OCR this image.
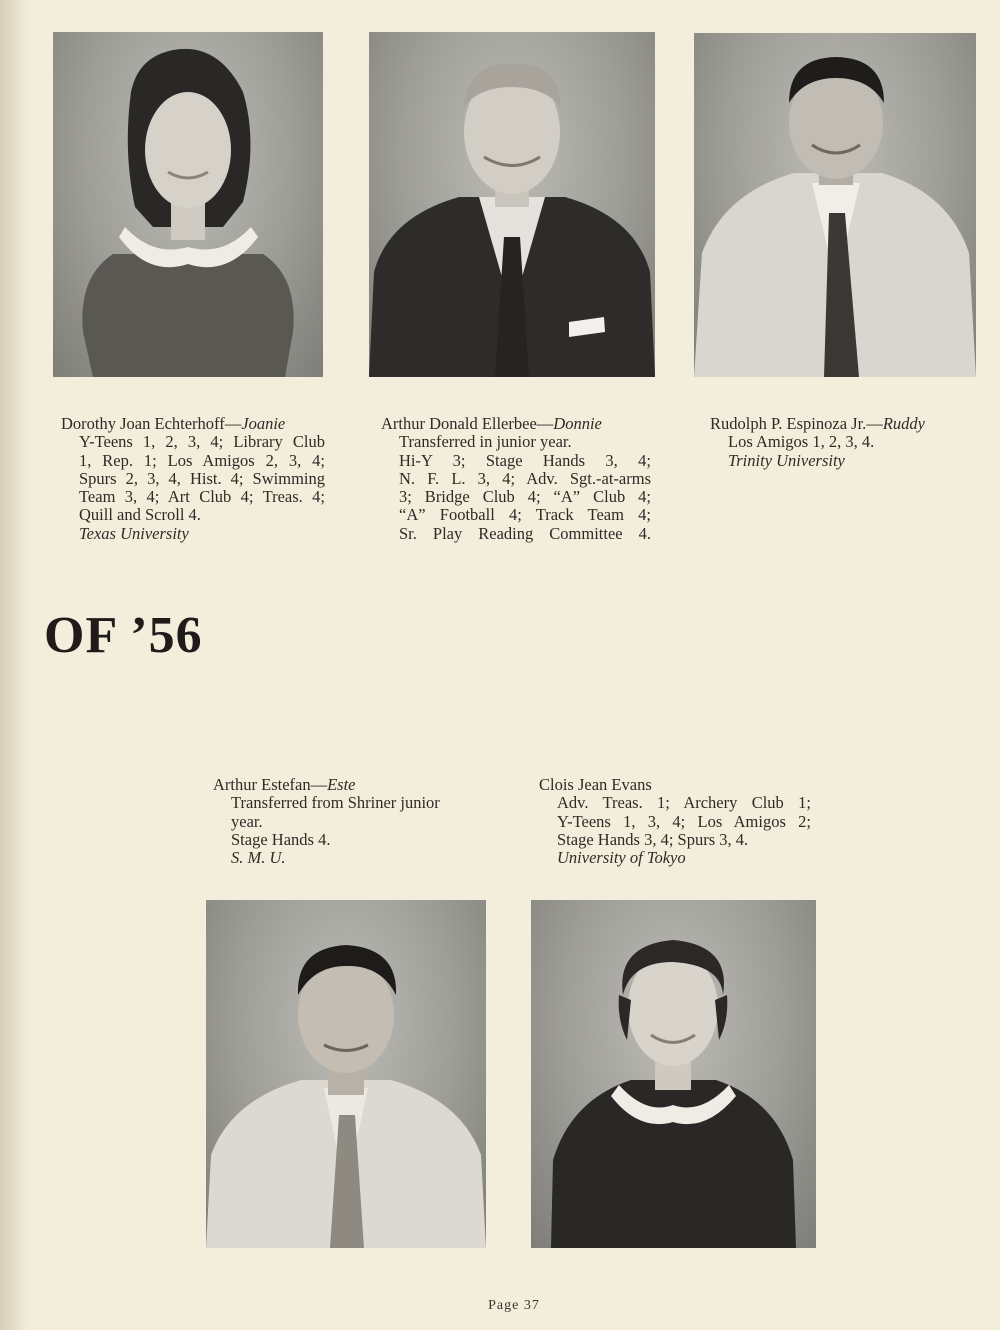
Dorothy Joan Echterhoff—Joanie
Y-Teens 1, 2, 3, 4; Library Club
1, Rep. 1; Los Amigos 2, 3, 4;
Spurs 2, 3, 4, Hist. 4; Swimming
Team 3, 4; Art Club 4; Treas. 4;
Quill and Scroll 4.
Texas University
Arthur Donald Ellerbee—Donnie
Transferred in junior year.
Hi-Y 3; Stage Hands 3, 4;
N. F. L. 3, 4; Adv. Sgt.-at-arms
3; Bridge Club 4; “A” Club 4;
“A” Football 4; Track Team 4;
Sr. Play Reading Committee 4.
Rudolph P. Espinoza Jr.—Ruddy
Los Amigos 1, 2, 3, 4.
Trinity University
OF ’56
Arthur Estefan—Este
Transferred from Shriner junior
year.
Stage Hands 4.
S. M. U.
Clois Jean Evans
Adv. Treas. 1; Archery Club 1;
Y-Teens 1, 3, 4; Los Amigos 2;
Stage Hands 3, 4; Spurs 3, 4.
University of Tokyo
Page 37
